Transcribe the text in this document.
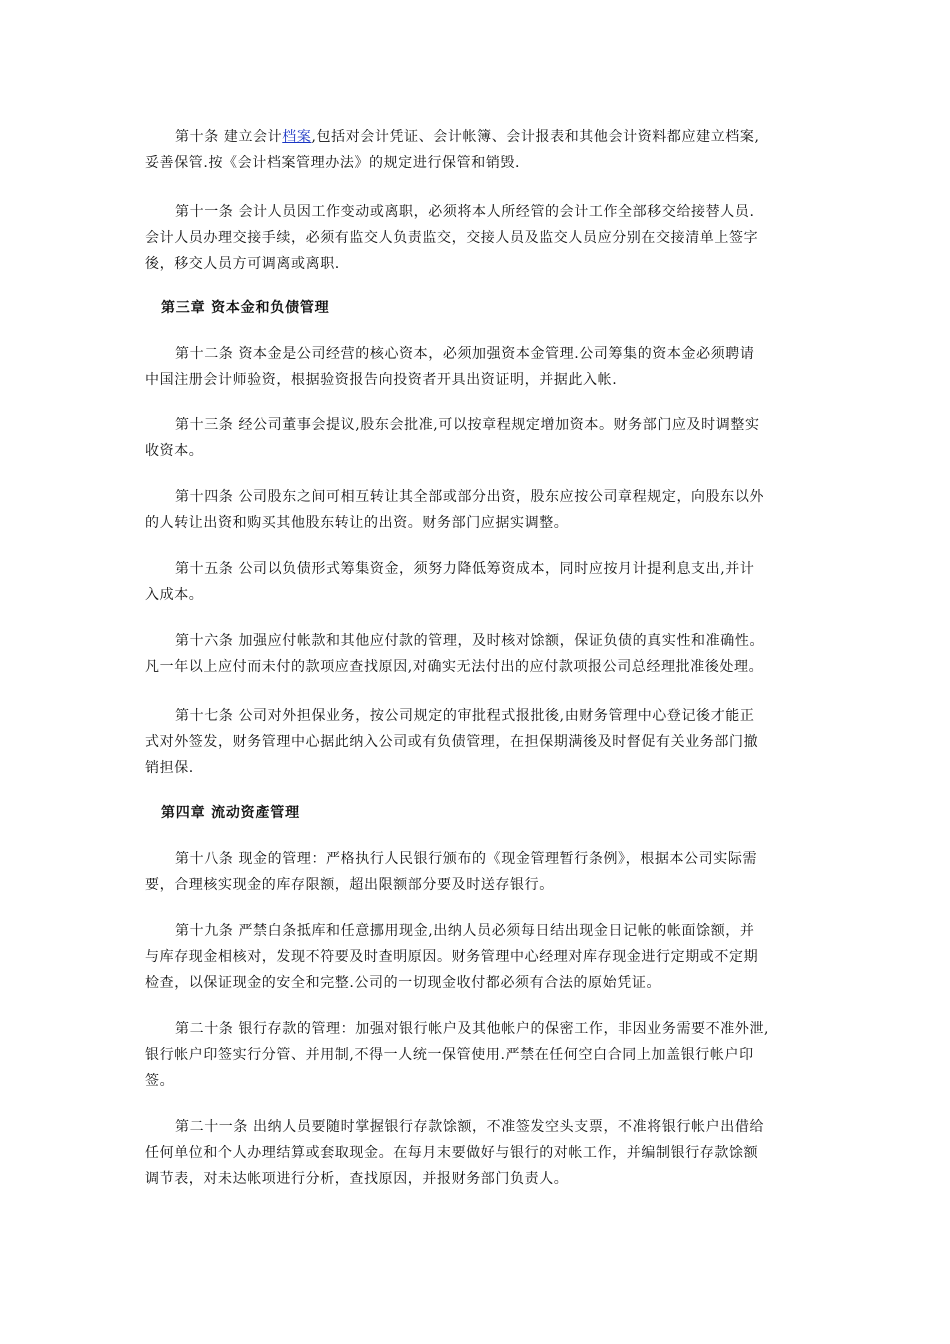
第十条 建立会计档案,包括对会计凭证、会计帐簿、会计报表和其他会计资料都应建立档案,
妥善保管.按《会计档案管理办法》的规定进行保管和销毁.
第十一条 会计人员因工作变动或离职，必须将本人所经管的会计工作全部移交给接替人员.
会计人员办理交接手续，必须有监交人负责监交，交接人员及监交人员应分别在交接清单上签字
後，移交人员方可调离或离职.
第三章 资本金和负债管理
第十二条 资本金是公司经营的核心资本，必须加强资本金管理.公司筹集的资本金必须聘请
中国注册会计师验资，根据验资报告向投资者开具出资证明，并据此入帐.
第十三条 经公司董事会提议,股东会批准,可以按章程规定增加资本。财务部门应及时调整实
收资本。
第十四条 公司股东之间可相互转让其全部或部分出资，股东应按公司章程规定，向股东以外
的人转让出资和购买其他股东转让的出资。财务部门应据实调整。
第十五条 公司以负债形式筹集资金，须努力降低筹资成本，同时应按月计提利息支出,并计
入成本。
第十六条 加强应付帐款和其他应付款的管理，及时核对馀额，保证负债的真实性和准确性。
凡一年以上应付而未付的款项应查找原因,对确实无法付出的应付款项报公司总经理批准後处理。
第十七条 公司对外担保业务，按公司规定的审批程式报批後,由财务管理中心登记後才能正
式对外签发，财务管理中心据此纳入公司或有负债管理，在担保期满後及时督促有关业务部门撤
销担保.
第四章 流动资產管理
第十八条 现金的管理：严格执行人民银行颁布的《现金管理暂行条例》，根据本公司实际需
要，合理核实现金的库存限额，超出限额部分要及时送存银行。
第十九条 严禁白条抵库和任意挪用现金,出纳人员必须每日结出现金日记帐的帐面馀额，并
与库存现金相核对，发现不符要及时查明原因。财务管理中心经理对库存现金进行定期或不定期
检查，以保证现金的安全和完整.公司的一切现金收付都必须有合法的原始凭证。
第二十条 银行存款的管理：加强对银行帐户及其他帐户的保密工作，非因业务需要不准外泄,
银行帐户印签实行分管、并用制,不得一人统一保管使用.严禁在任何空白合同上加盖银行帐户印
签。
第二十一条 出纳人员要随时掌握银行存款馀额，不准签发空头支票，不准将银行帐户出借给
任何单位和个人办理结算或套取现金。在每月末要做好与银行的对帐工作，并编制银行存款馀额
调节表，对未达帐项进行分析，查找原因，并报财务部门负责人。
